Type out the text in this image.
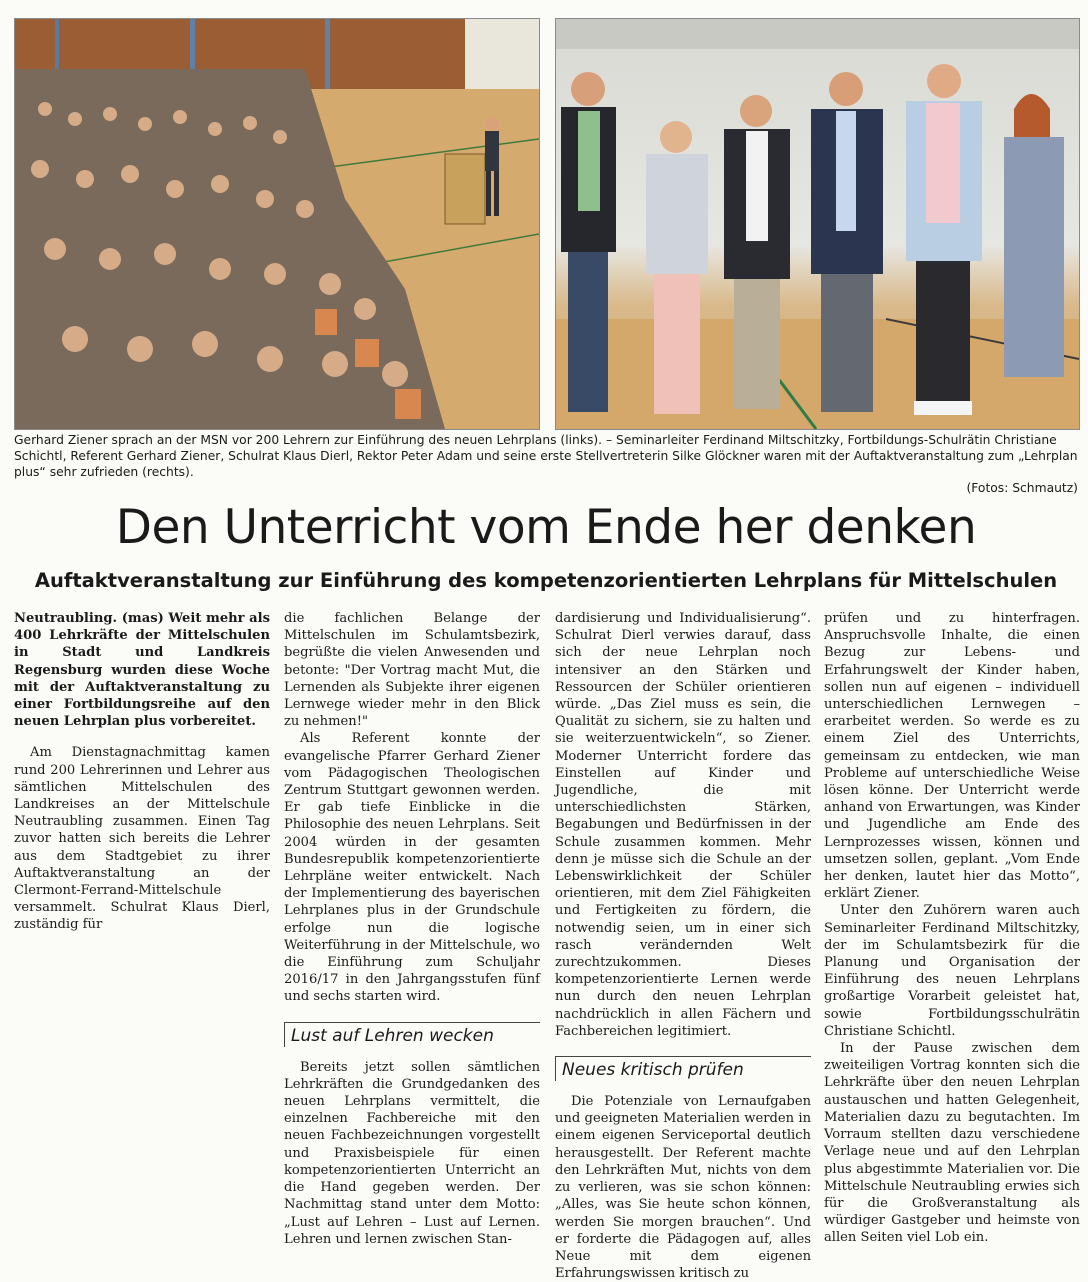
Gerhard Ziener sprach an der MSN vor 200 Lehrern zur Einführung des neuen Lehrplans (links). – Seminarleiter Ferdinand Miltschitzky, Fortbildungs-Schulrätin Christiane Schichtl, Referent Gerhard Ziener, Schulrat Klaus Dierl, Rektor Peter Adam und seine erste Stellvertreterin Silke Glöckner waren mit der Auftaktveranstaltung zum „Lehrplan plus“ sehr zufrieden (rechts).
(Fotos: Schmautz)
Den Unterricht vom Ende her denken
Auftaktveranstaltung zur Einführung des kompetenzorientierten Lehrplans für Mittelschulen

Neutraubling. (mas) Weit mehr als 400 Lehrkräfte der Mittelschulen in Stadt und Landkreis Regensburg wurden diese Woche mit der Auftaktveranstaltung zu einer Fortbildungsreihe auf den neuen Lehrplan plus vorbereitet.

Am Dienstagnachmittag kamen rund 200 Lehrerinnen und Lehrer aus sämtlichen Mittelschulen des Landkreises an der Mittelschule Neutraubling zusammen. Einen Tag zuvor hatten sich bereits die Lehrer aus dem Stadtgebiet zu ihrer Auftaktveranstaltung an der Clermont-Ferrand-Mittelschule versammelt. Schulrat Klaus Dierl, zuständig für

die fachlichen Belange der Mittelschulen im Schulamtsbezirk, begrüßte die vielen Anwesenden und betonte: "Der Vortrag macht Mut, die Lernenden als Subjekte ihrer eigenen Lernwege wieder mehr in den Blick zu nehmen!"

Als Referent konnte der evangelische Pfarrer Gerhard Ziener vom Pädagogischen Theologischen Zentrum Stuttgart gewonnen werden. Er gab tiefe Einblicke in die Philosophie des neuen Lehrplans. Seit 2004 würden in der gesamten Bundesrepublik kompetenzorientierte Lehrpläne weiter entwickelt. Nach der Implementierung des bayerischen Lehrplanes plus in der Grundschule erfolge nun die logische Weiterführung in der Mittelschule, wo die Einführung zum Schuljahr 2016/17 in den Jahrgangsstufen fünf und sechs starten wird.

Lust auf Lehren wecken

Bereits jetzt sollen sämtlichen Lehrkräften die Grundgedanken des neuen Lehrplans vermittelt, die einzelnen Fachbereiche mit den neuen Fachbezeichnungen vorgestellt und Praxisbeispiele für einen kompetenzorientierten Unterricht an die Hand gegeben werden. Der Nachmittag stand unter dem Motto: „Lust auf Lehren – Lust auf Lernen. Lehren und lernen zwischen Stan-

dardisierung und Individualisierung“. Schulrat Dierl verwies darauf, dass sich der neue Lehrplan noch intensiver an den Stärken und Ressourcen der Schüler orientieren würde. „Das Ziel muss es sein, die Qualität zu sichern, sie zu halten und sie weiterzuentwickeln“, so Ziener. Moderner Unterricht fordere das Einstellen auf Kinder und Jugendliche, die mit unterschiedlichsten Stärken, Begabungen und Bedürfnissen in der Schule zusammen kommen. Mehr denn je müsse sich die Schule an der Lebenswirklichkeit der Schüler orientieren, mit dem Ziel Fähigkeiten und Fertigkeiten zu fördern, die notwendig seien, um in einer sich rasch verändernden Welt zurechtzukommen. Dieses kompetenzorientierte Lernen werde nun durch den neuen Lehrplan nachdrücklich in allen Fächern und Fachbereichen legitimiert.

Neues kritisch prüfen

Die Potenziale von Lernaufgaben und geeigneten Materialien werden in einem eigenen Serviceportal deutlich herausgestellt. Der Referent machte den Lehrkräften Mut, nichts von dem zu verlieren, was sie schon können: „Alles, was Sie heute schon können, werden Sie morgen brauchen“. Und er forderte die Pädagogen auf, alles Neue mit dem eigenen Erfahrungswissen kritisch zu

prüfen und zu hinterfragen. Anspruchsvolle Inhalte, die einen Bezug zur Lebens- und Erfahrungswelt der Kinder haben, sollen nun auf eigenen – individuell unterschiedlichen Lernwegen – erarbeitet werden. So werde es zu einem Ziel des Unterrichts, gemeinsam zu entdecken, wie man Probleme auf unterschiedliche Weise lösen könne. Der Unterricht werde anhand von Erwartungen, was Kinder und Jugendliche am Ende des Lernprozesses wissen, können und umsetzen sollen, geplant. „Vom Ende her denken, lautet hier das Motto“, erklärt Ziener.

Unter den Zuhörern waren auch Seminarleiter Ferdinand Miltschitzky, der im Schulamtsbezirk für die Planung und Organisation der Einführung des neuen Lehrplans großartige Vorarbeit geleistet hat, sowie Fortbildungsschulrätin Christiane Schichtl.

In der Pause zwischen dem zweiteiligen Vortrag konnten sich die Lehrkräfte über den neuen Lehrplan austauschen und hatten Gelegenheit, Materialien dazu zu begutachten. Im Vorraum stellten dazu verschiedene Verlage neue und auf den Lehrplan plus abgestimmte Materialien vor. Die Mittelschule Neutraubling erwies sich für die Großveranstaltung als würdiger Gastgeber und heimste von allen Seiten viel Lob ein.
